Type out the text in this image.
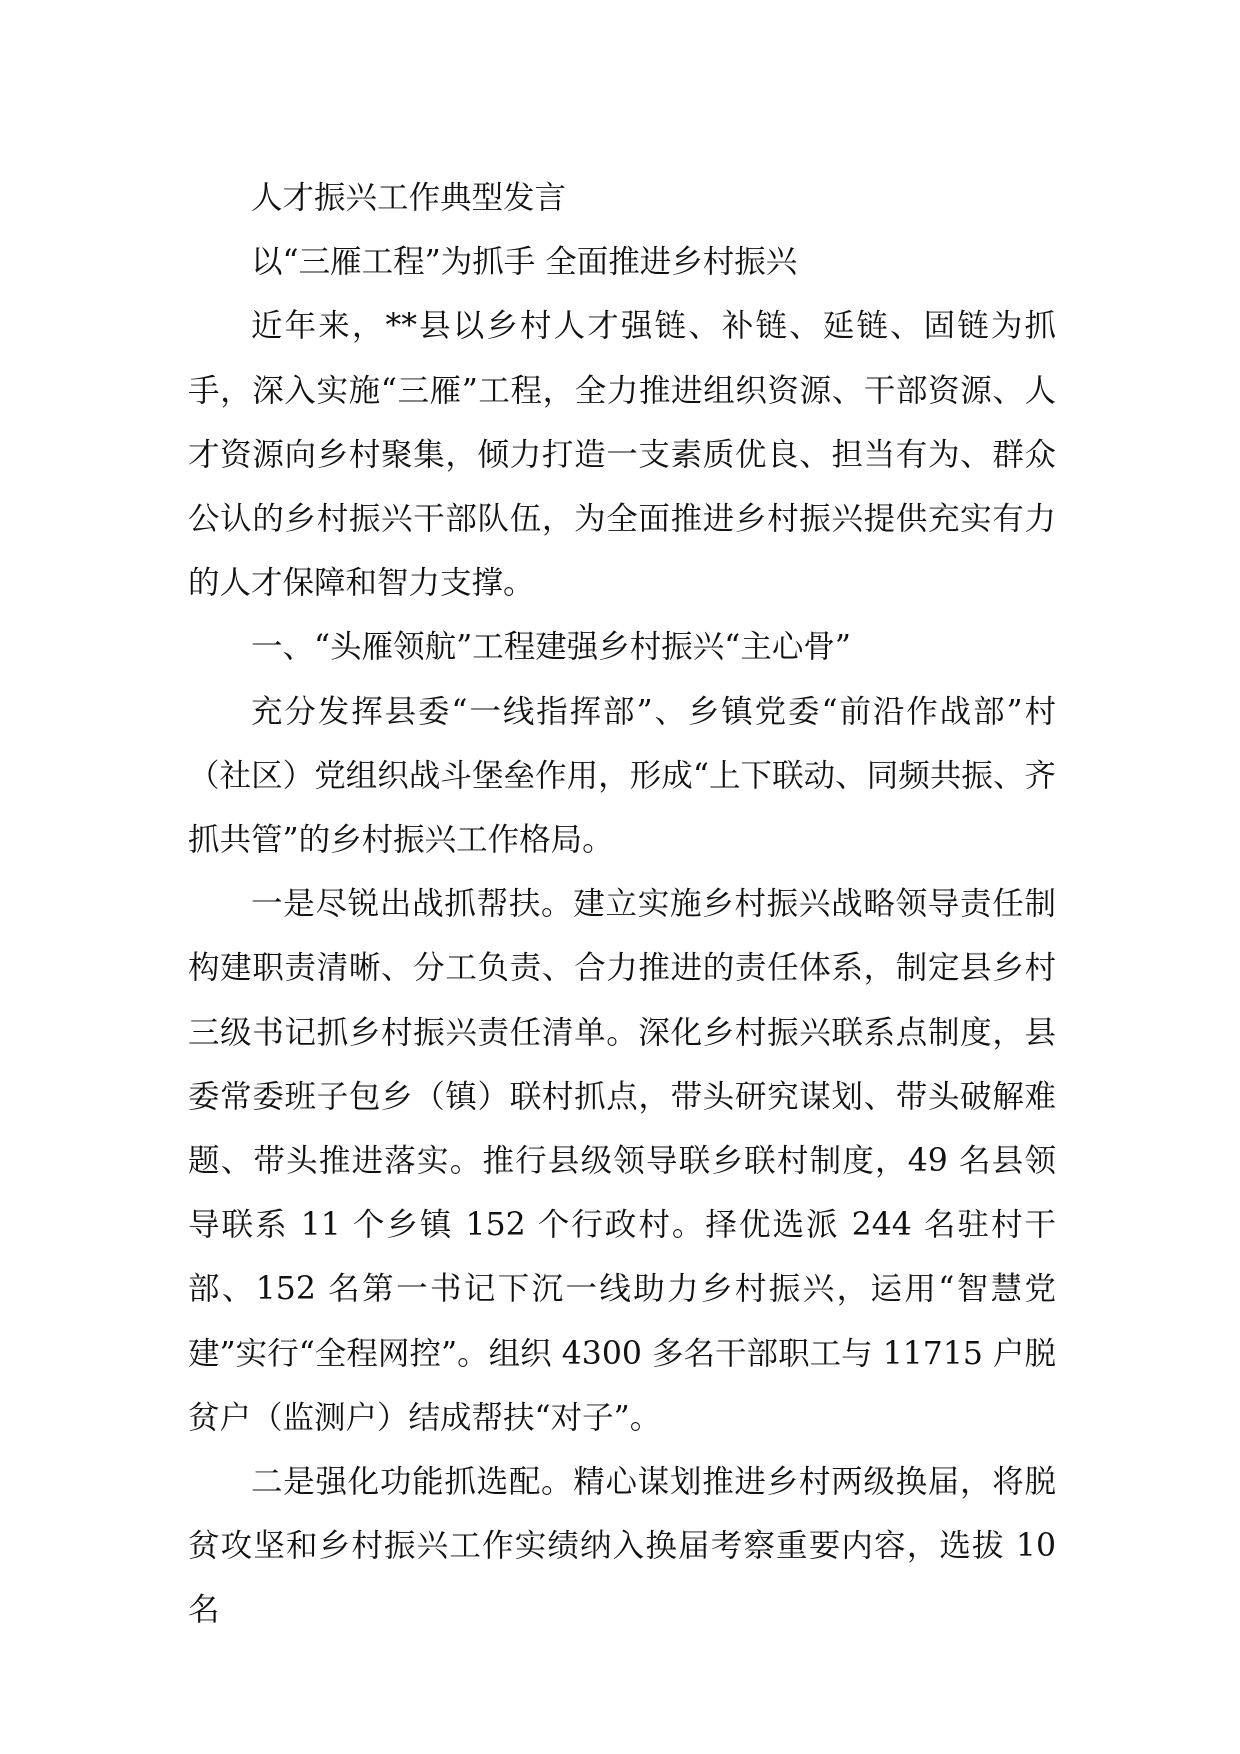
人才振兴工作典型发言

以“三雁工程”为抓手 全面推进乡村振兴

近年来，**县以乡村人才强链、补链、延链、固链为抓手，深入实施“三雁”工程，全力推进组织资源、干部资源、人才资源向乡村聚集，倾力打造一支素质优良、担当有为、群众公认的乡村振兴干部队伍，为全面推进乡村振兴提供充实有力的人才保障和智力支撑。

一、“头雁领航”工程建强乡村振兴“主心骨”

充分发挥县委“一线指挥部”、乡镇党委“前沿作战部”村（社区）党组织战斗堡垒作用，形成“上下联动、同频共振、齐抓共管”的乡村振兴工作格局。

一是尽锐出战抓帮扶。建立实施乡村振兴战略领导责任制构建职责清晰、分工负责、合力推进的责任体系，制定县乡村三级书记抓乡村振兴责任清单。深化乡村振兴联系点制度，县委常委班子包乡（镇）联村抓点，带头研究谋划、带头破解难题、带头推进落实。推行县级领导联乡联村制度，49 名县领导联系 11 个乡镇 152 个行政村。择优选派 244 名驻村干部、152 名第一书记下沉一线助力乡村振兴，运用“智慧党建”实行“全程网控”。组织 4300 多名干部职工与 11715 户脱贫户（监测户）结成帮扶“对子”。

二是强化功能抓选配。精心谋划推进乡村两级换届，将脱贫攻坚和乡村振兴工作实绩纳入换届考察重要内容，选拔 10 名
